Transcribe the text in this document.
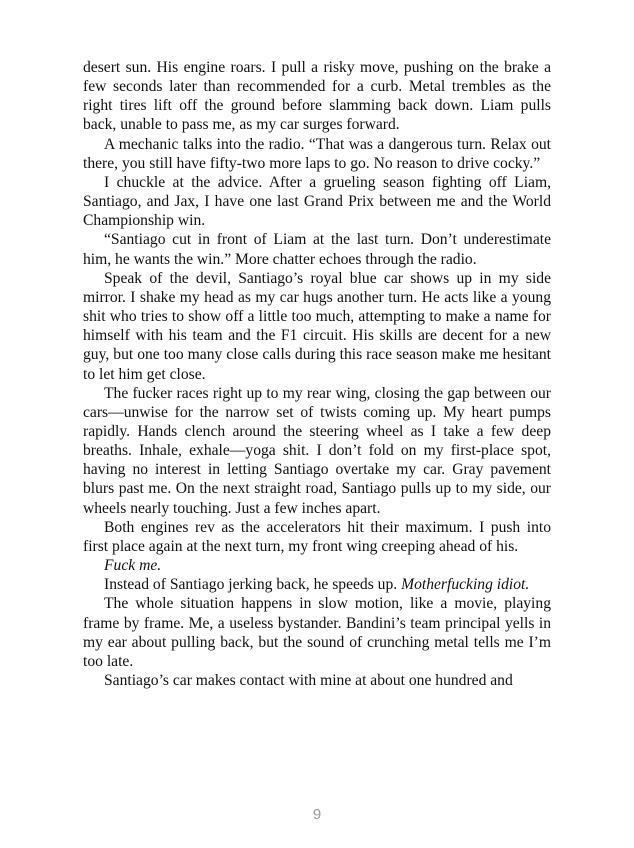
desert sun. His engine roars. I pull a risky move, pushing on the brake a few seconds later than recommended for a curb. Metal trembles as the right tires lift off the ground before slamming back down. Liam pulls back, unable to pass me, as my car surges forward.

A mechanic talks into the radio. “That was a dangerous turn. Relax out there, you still have fifty-two more laps to go. No reason to drive cocky.”

I chuckle at the advice. After a grueling season fighting off Liam, Santiago, and Jax, I have one last Grand Prix between me and the World Championship win.

“Santiago cut in front of Liam at the last turn. Don’t underestimate him, he wants the win.” More chatter echoes through the radio.

Speak of the devil, Santiago’s royal blue car shows up in my side mirror. I shake my head as my car hugs another turn. He acts like a young shit who tries to show off a little too much, attempting to make a name for himself with his team and the F1 circuit. His skills are decent for a new guy, but one too many close calls during this race season make me hesitant to let him get close.

The fucker races right up to my rear wing, closing the gap between our cars—unwise for the narrow set of twists coming up. My heart pumps rapidly. Hands clench around the steering wheel as I take a few deep breaths. Inhale, exhale—yoga shit. I don’t fold on my first-place spot, having no interest in letting Santiago overtake my car. Gray pavement blurs past me. On the next straight road, Santiago pulls up to my side, our wheels nearly touching. Just a few inches apart.

Both engines rev as the accelerators hit their maximum. I push into first place again at the next turn, my front wing creeping ahead of his.

Fuck me.

Instead of Santiago jerking back, he speeds up. Motherfucking idiot.

The whole situation happens in slow motion, like a movie, playing frame by frame. Me, a useless bystander. Bandini’s team principal yells in my ear about pulling back, but the sound of crunching metal tells me I’m too late.

Santiago’s car makes contact with mine at about one hundred and

9
